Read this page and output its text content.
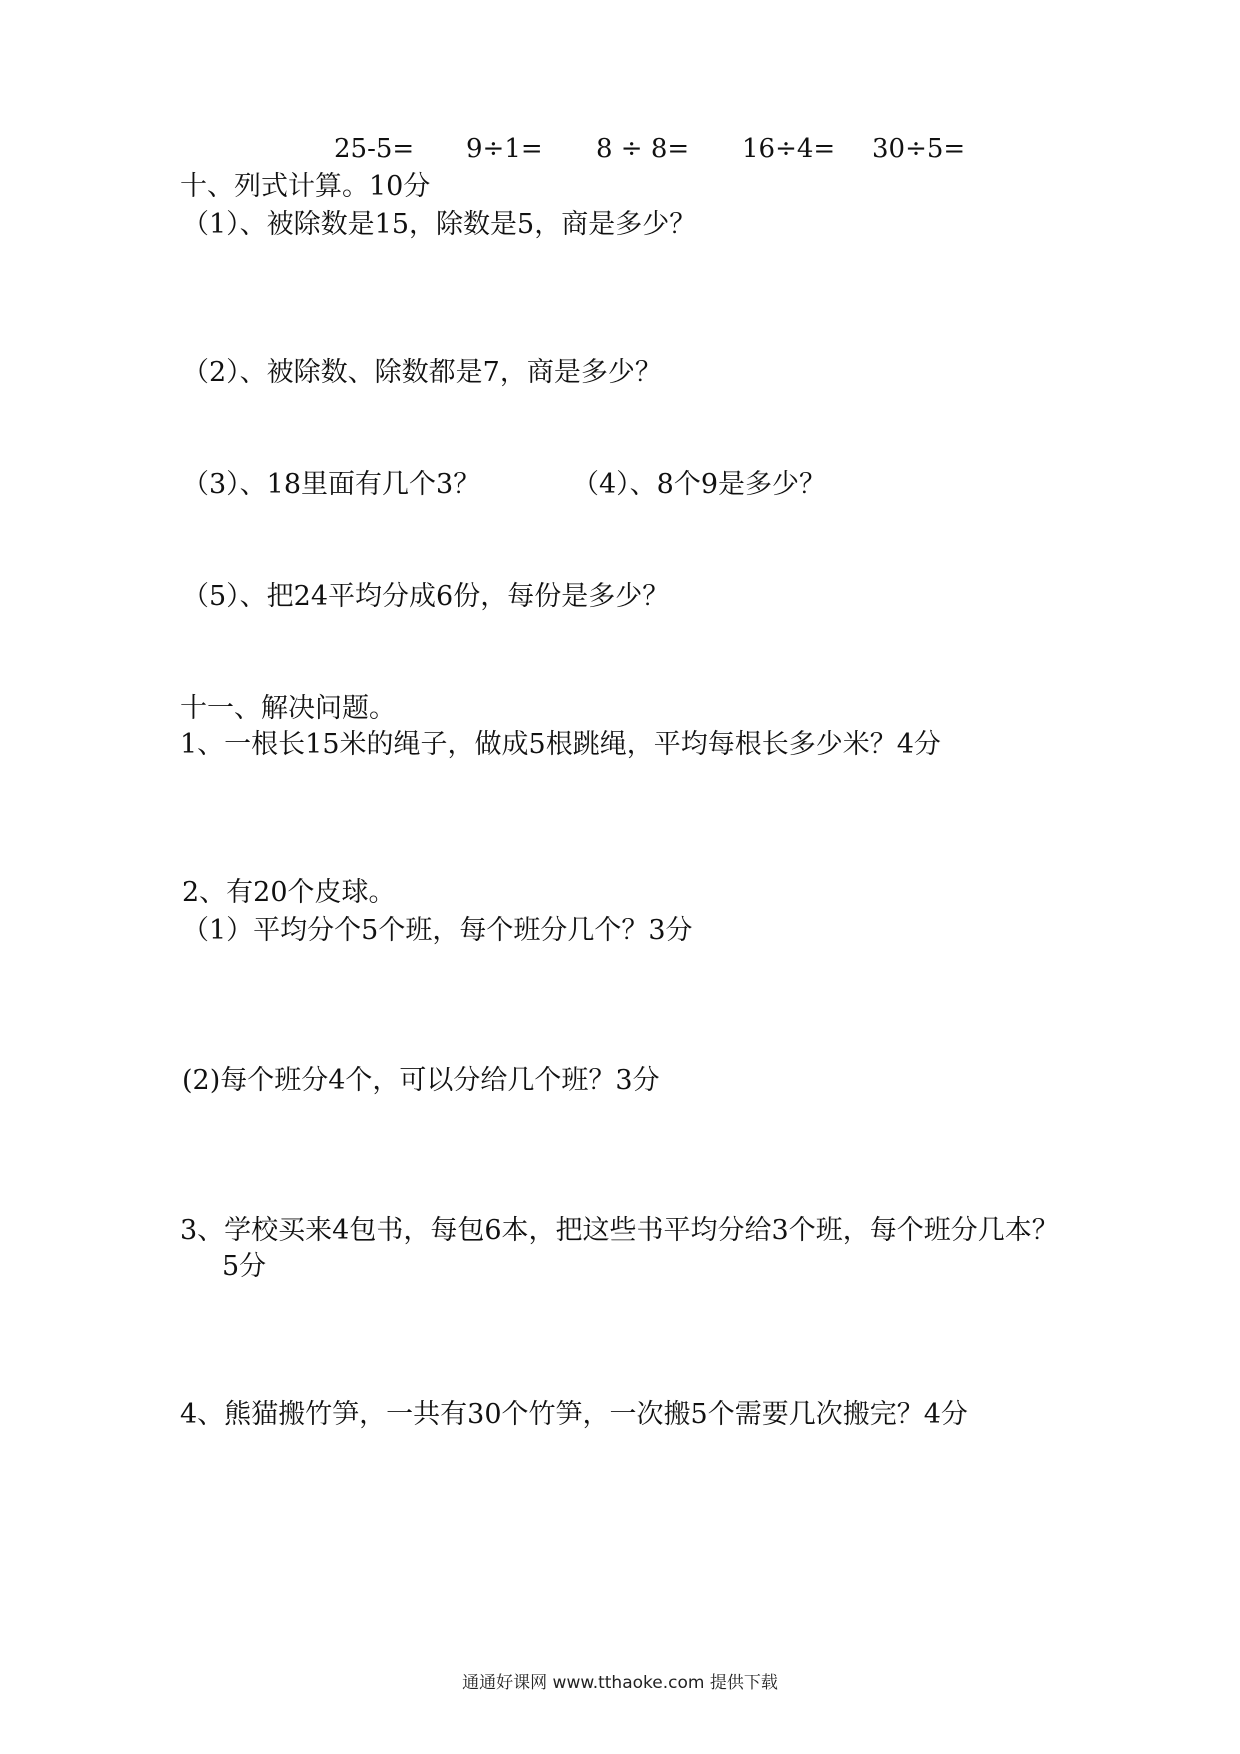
25-5= 9÷1= 8 ÷ 8= 16÷4= 30÷5=
十、列式计算。10分
（1）、被除数是15，除数是5，商是多少？
（2）、被除数、除数都是7，商是多少？
（3）、18里面有几个3？	（4）、8个9是多少？
（5）、把24平均分成6份，每份是多少？
十一、解决问题。
1、一根长15米的绳子，做成5根跳绳，平均每根长多少米？4分
2、有20个皮球。
（1）平均分个5个班，每个班分几个？3分
(2)每个班分4个，可以分给几个班？3分
3、学校买来4包书，每包6本，把这些书平均分给3个班，每个班分几本？
5分
4、熊猫搬竹笋，一共有30个竹笋，一次搬5个需要几次搬完？4分
通通好课网 www.tthaoke.com 提供下载
